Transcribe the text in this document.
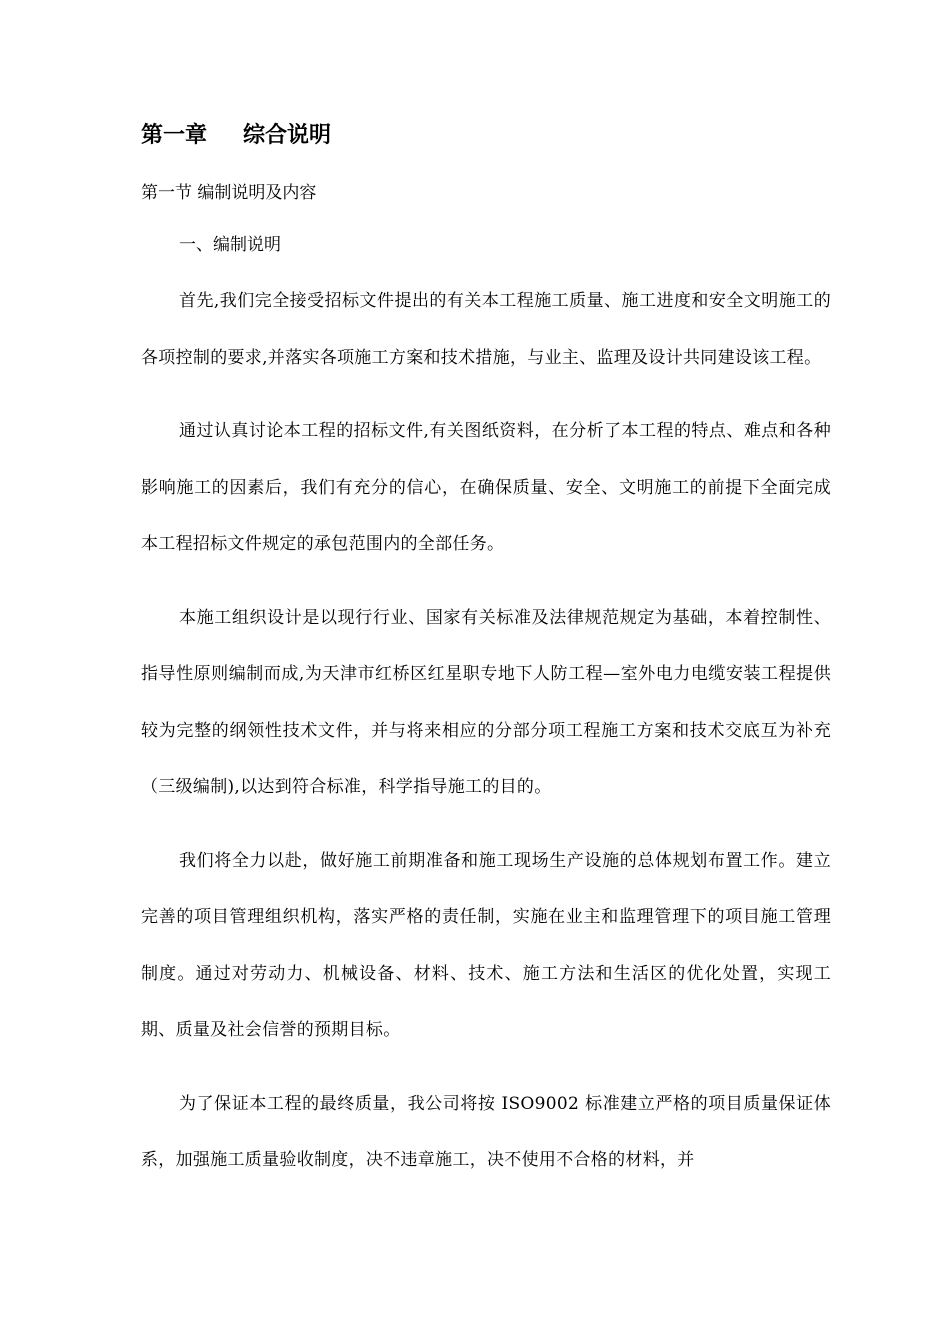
第一章 综合说明
第一节 编制说明及内容
一、编制说明

首先,我们完全接受招标文件提出的有关本工程施工质量、施工进度和安全文明施工的各项控制的要求,并落实各项施工方案和技术措施，与业主、监理及设计共同建设该工程。

通过认真讨论本工程的招标文件,有关图纸资料，在分析了本工程的特点、难点和各种影响施工的因素后，我们有充分的信心，在确保质量、安全、文明施工的前提下全面完成本工程招标文件规定的承包范围内的全部任务。

本施工组织设计是以现行行业、国家有关标准及法律规范规定为基础，本着控制性、指导性原则编制而成,为天津市红桥区红星职专地下人防工程—室外电力电缆安装工程提供较为完整的纲领性技术文件，并与将来相应的分部分项工程施工方案和技术交底互为补充（三级编制),以达到符合标准，科学指导施工的目的。

我们将全力以赴，做好施工前期准备和施工现场生产设施的总体规划布置工作。建立完善的项目管理组织机构，落实严格的责任制，实施在业主和监理管理下的项目施工管理制度。通过对劳动力、机械设备、材料、技术、施工方法和生活区的优化处置，实现工期、质量及社会信誉的预期目标。

为了保证本工程的最终质量，我公司将按 ISO9002 标准建立严格的项目质量保证体系，加强施工质量验收制度，决不违章施工，决不使用不合格的材料，并
